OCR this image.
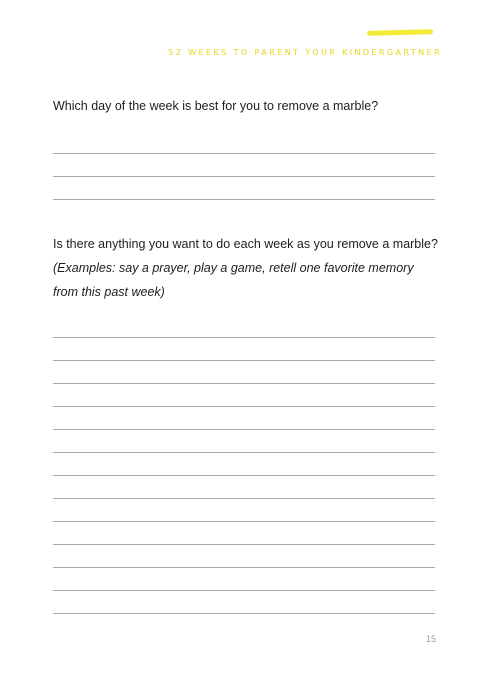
52 WEEKS TO PARENT YOUR KINDERGARTNER

Which day of the week is best for you to remove a marble?

Is there anything you want to do each week as you remove a marble? (Examples: say a prayer, play a game, retell one favorite memory from this past week)

15
